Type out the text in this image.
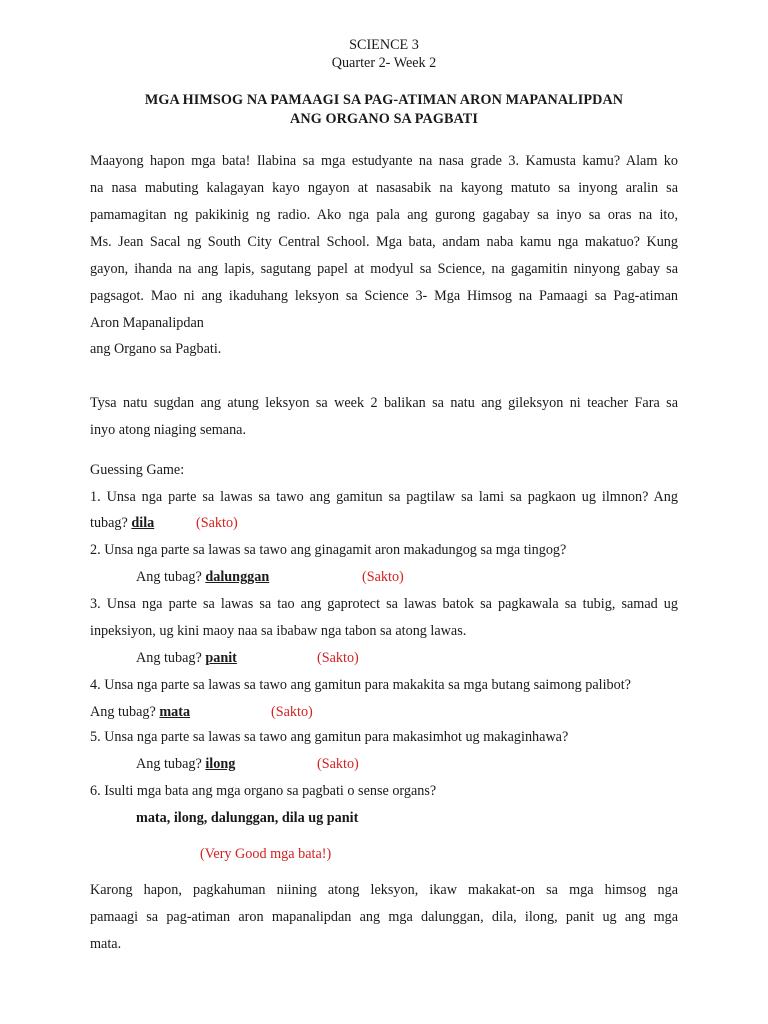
SCIENCE 3
Quarter 2- Week 2
MGA HIMSOG NA PAMAAGI SA PAG-ATIMAN ARON MAPANALIPDAN
ANG ORGANO SA PAGBATI
Maayong hapon mga bata! Ilabina sa mga estudyante na nasa grade 3. Kamusta kamu? Alam ko
na nasa mabuting kalagayan kayo ngayon at nasasabik na kayong matuto sa inyong aralin sa
pamamagitan ng pakikinig ng radio. Ako nga pala ang gurong gagabay sa inyo sa oras na ito,
Ms. Jean Sacal ng South City Central School. Mga bata, andam naba kamu nga makatuo? Kung
gayon, ihanda na ang lapis, sagutang papel at modyul sa Science, na gagamitin ninyong gabay sa
pagsagot. Mao ni ang ikaduhang leksyon sa Science 3- Mga Himsog na Pamaagi sa Pag-atiman
Aron Mapanalipdan
ang Organo sa Pagbati.
Tysa natu sugdan ang atung leksyon sa week 2 balikan sa natu ang gileksyon ni teacher Fara sa
inyo atong niaging semana.
Guessing Game:
1. Unsa nga parte sa lawas sa tawo ang gamitun sa pagtilaw sa lami sa pagkaon ug ilmnon? Ang
tubag? dila	(Sakto)
2. Unsa nga parte sa lawas sa tawo ang ginagamit aron makadungog sa mga tingog?
Ang tubag? dalunggan	(Sakto)
3. Unsa nga parte sa lawas sa tao ang gaprotect sa lawas batok sa pagkawala sa tubig, samad ug
inpeksiyon, ug kini maoy naa sa ibabaw nga tabon sa atong lawas.
Ang tubag? panit	(Sakto)
4. Unsa nga parte sa lawas sa tawo ang gamitun para makakita sa mga butang saimong palibot?
Ang tubag? mata	(Sakto)
5. Unsa nga parte sa lawas sa tawo ang gamitun para makasimhot ug makaginhawa?
Ang tubag? ilong	(Sakto)
6. Isulti mga bata ang mga organo sa pagbati o sense organs?
mata, ilong, dalunggan, dila ug panit
(Very Good mga bata!)
Karong hapon, pagkahuman niining atong leksyon, ikaw makakat-on sa mga himsog nga
pamaagi sa pag-atiman aron mapanalipdan ang mga dalunggan, dila, ilong, panit ug ang mga
mata.
